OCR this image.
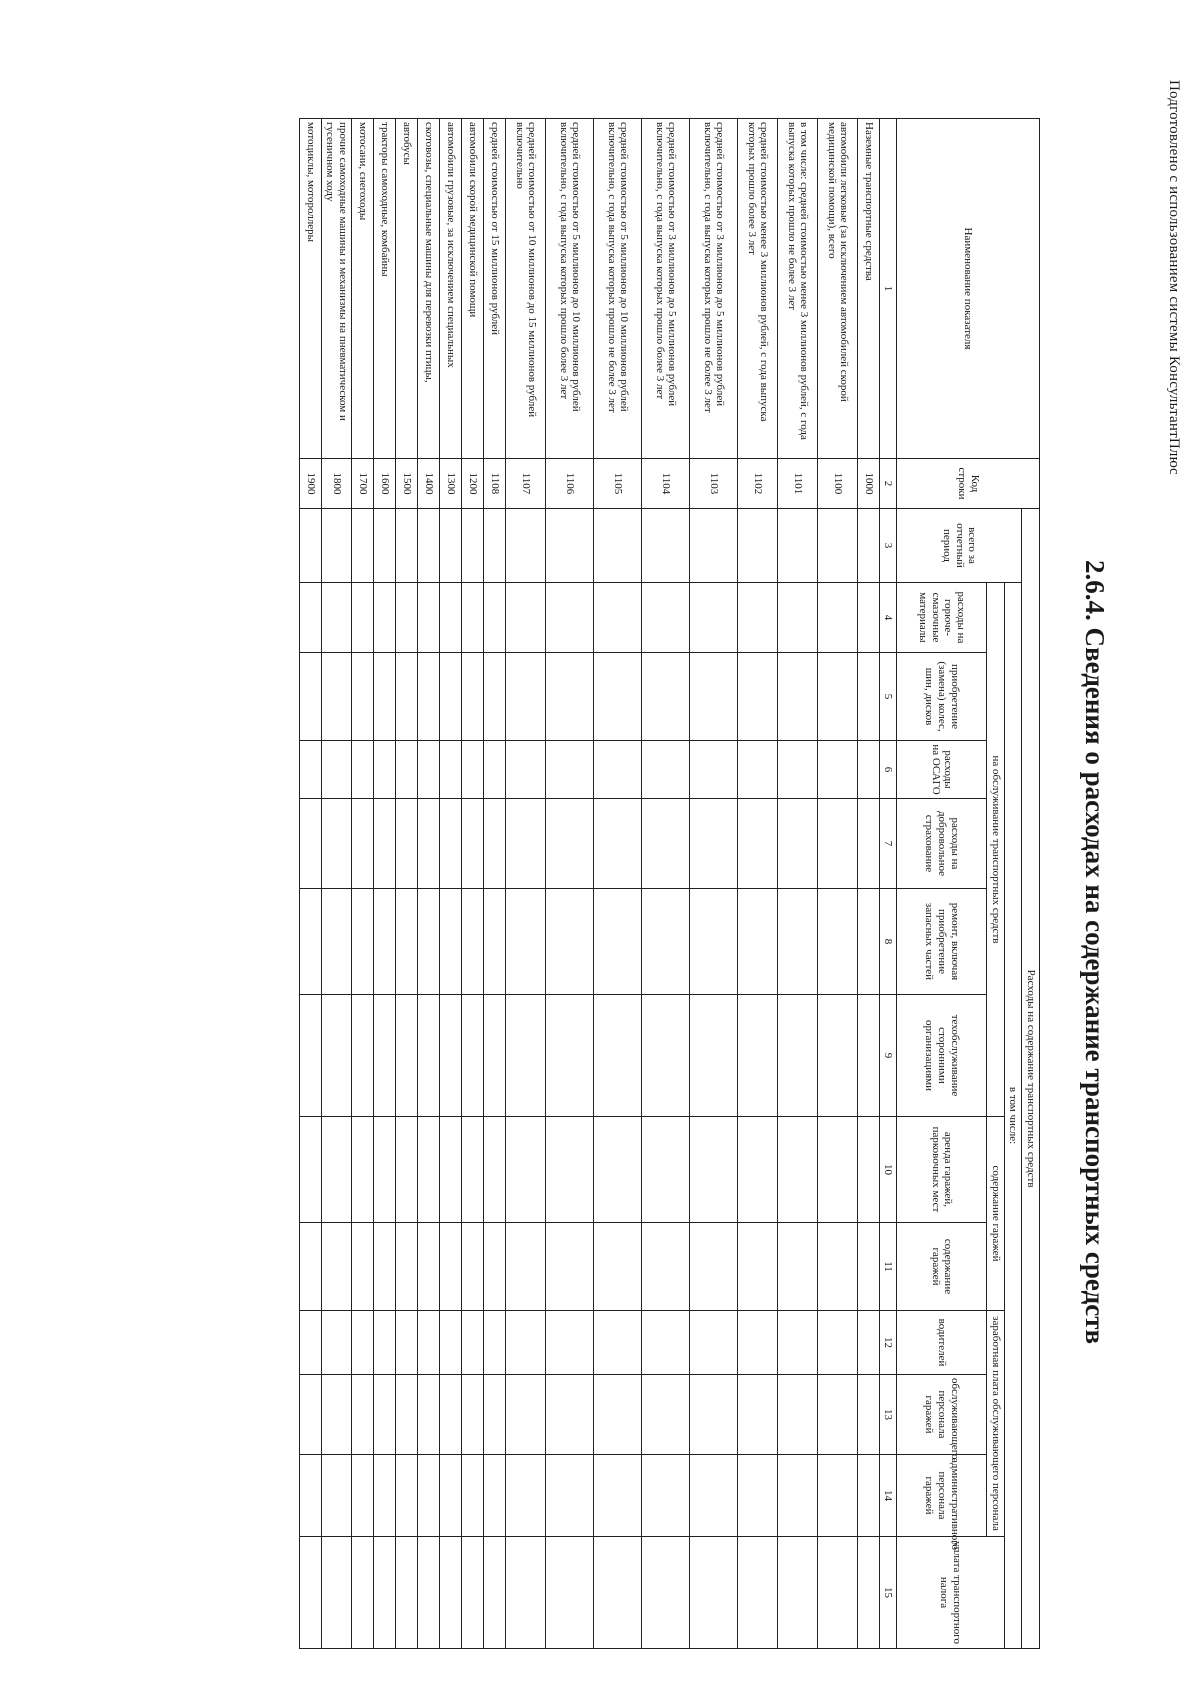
Подготовлено с использованием системы КонсультантПлюс
2.6.4. Сведения о расходах на содержание транспортных средств
Наименование показателя	Код строки	Расходы на содержание транспортных средств												
		всего за отчетный период	в том числе:											
			на обслуживание транспортных средств						содержание гаражей		заработная плата обслуживающего персонала			уплата транспортного налога
											водителей	обслуживающего персонала гаражей	административного персонала гаражей	
			расходы на горюче-смазочные материалы	приобретение (замена) колес, шин, дисков	расходы на ОСАГО	расходы на добровольное страхование	ремонт, включая приобретение запасных частей	техобслуживание сторонними организациями	аренда гаражей, парковочных мест	содержание гаражей				
1	2	3	4	5	6	7	8	9	10	11	12	13	14	15
Наземные транспортные средства	1000													
автомобили легковые (за исключением автомобилей скорой медицинской помощи), всего	1100													
в том числе: средней стоимостью менее 3 миллионов рублей, с года выпуска которых прошло не более 3 лет	1101													
средней стоимостью менее 3 миллионов рублей, с года выпуска которых прошло более 3 лет	1102													
средней стоимостью от 3 миллионов до 5 миллионов рублей включительно, с года выпуска которых прошло не более 3 лет	1103													
средней стоимостью от 3 миллионов до 5 миллионов рублей включительно, с года выпуска которых прошло более 3 лет	1104													
средней стоимостью от 5 миллионов до 10 миллионов рублей включительно, с года выпуска которых прошло не более 3 лет	1105													
средней стоимостью от 5 миллионов до 10 миллионов рублей включительно, с года выпуска которых прошло более 3 лет	1106													
средней стоимостью от 10 миллионов до 15 миллионов рублей включительно	1107													
средней стоимостью от 15 миллионов рублей	1108													
автомобили скорой медицинской помощи	1200													
автомобили грузовые, за исключением специальных	1300													
скотовозы, специальные машины для перевозки птицы,	1400													
автобусы	1500													
тракторы самоходные, комбайны	1600													
мотосани, снегоходы	1700													
прочие самоходные машины и механизмы на пневматическом и гусеничном ходу	1800													
мотоциклы, мотороллеры	1900													
